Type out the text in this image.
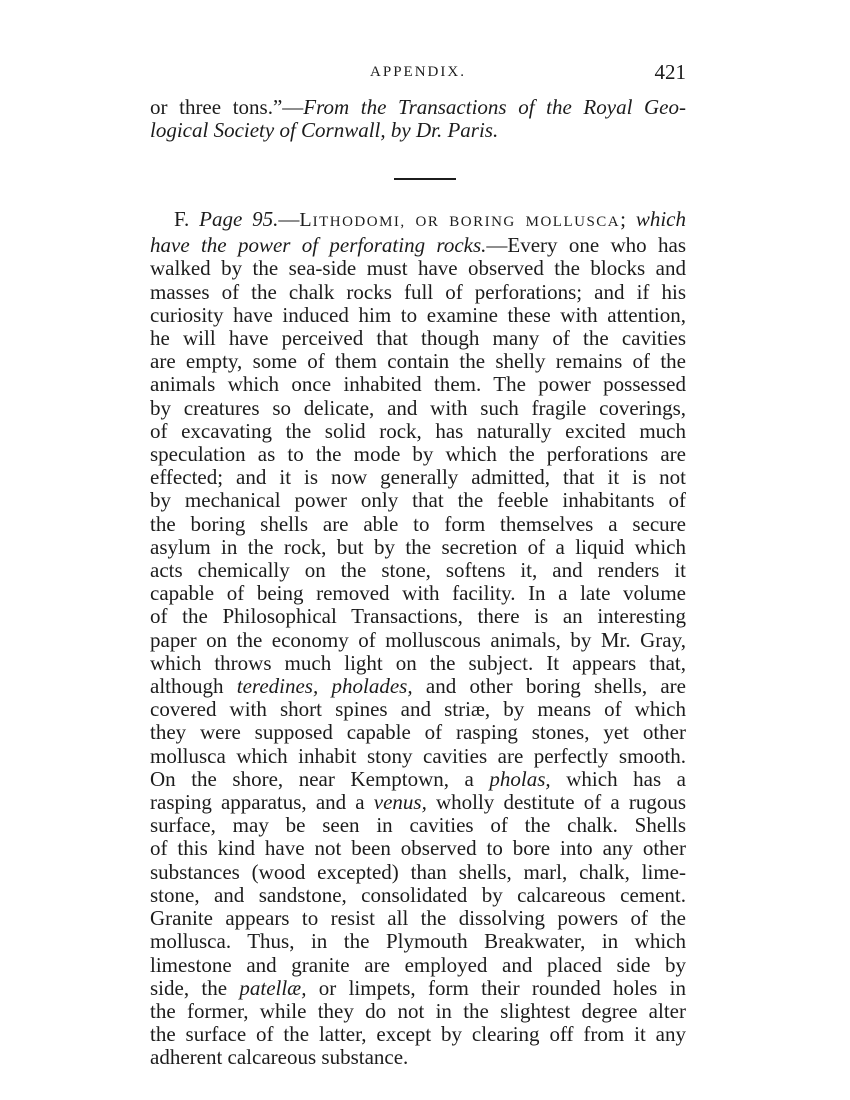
APPENDIX.	421
or three tons.”—From the Transactions of the Royal Geo-
logical Society of Cornwall, by Dr. Paris.
F. Page 95.—LITHODOMI, OR BORING MOLLUSCA; which
have the power of perforating rocks.—Every one who has
walked by the sea-side must have observed the blocks and
masses of the chalk rocks full of perforations; and if his
curiosity have induced him to examine these with attention,
he will have perceived that though many of the cavities
are empty, some of them contain the shelly remains of the
animals which once inhabited them. The power possessed
by creatures so delicate, and with such fragile coverings,
of excavating the solid rock, has naturally excited much
speculation as to the mode by which the perforations are
effected; and it is now generally admitted, that it is not
by mechanical power only that the feeble inhabitants of
the boring shells are able to form themselves a secure
asylum in the rock, but by the secretion of a liquid which
acts chemically on the stone, softens it, and renders it
capable of being removed with facility. In a late volume
of the Philosophical Transactions, there is an interesting
paper on the economy of molluscous animals, by Mr. Gray,
which throws much light on the subject. It appears that,
although teredines, pholades, and other boring shells, are
covered with short spines and striæ, by means of which
they were supposed capable of rasping stones, yet other
mollusca which inhabit stony cavities are perfectly smooth.
On the shore, near Kemptown, a pholas, which has a
rasping apparatus, and a venus, wholly destitute of a rugous
surface, may be seen in cavities of the chalk. Shells
of this kind have not been observed to bore into any other
substances (wood excepted) than shells, marl, chalk, lime-
stone, and sandstone, consolidated by calcareous cement.
Granite appears to resist all the dissolving powers of the
mollusca. Thus, in the Plymouth Breakwater, in which
limestone and granite are employed and placed side by
side, the patellæ, or limpets, form their rounded holes in
the former, while they do not in the slightest degree alter
the surface of the latter, except by clearing off from it any
adherent calcareous substance.
